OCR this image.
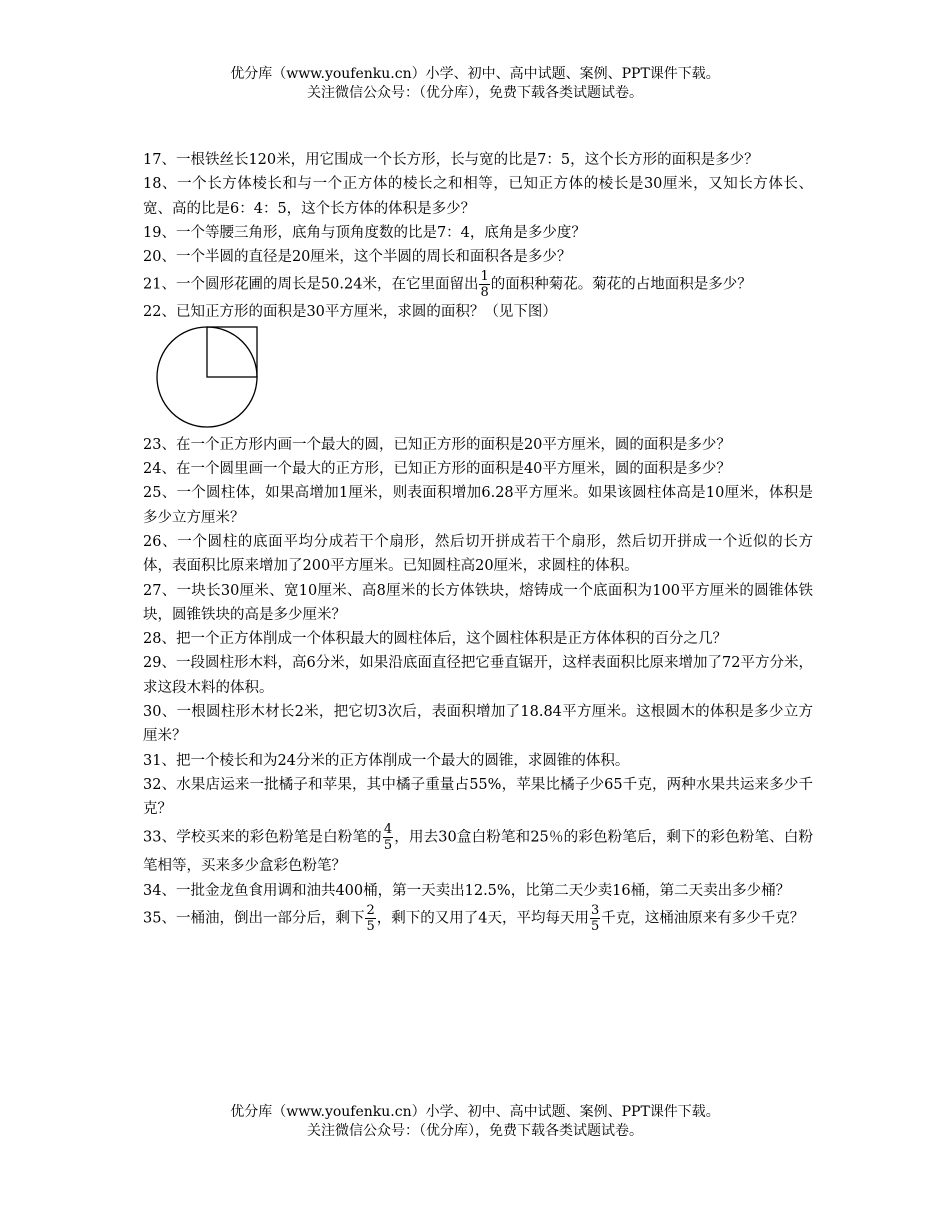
优分库（www.youfenku.cn）小学、初中、高中试题、案例、PPT课件下载。
关注微信公众号：（优分库），免费下载各类试题试卷。

17、一根铁丝长120米，用它围成一个长方形，长与宽的比是7：5，这个长方形的面积是多少？

18、一个长方体棱长和与一个正方体的棱长之和相等，已知正方体的棱长是30厘米，又知长方体长、宽、高的比是6：4：5，这个长方体的体积是多少？

19、一个等腰三角形，底角与顶角度数的比是7：4，底角是多少度？

20、一个半圆的直径是20厘米，这个半圆的周长和面积各是多少？

21、一个圆形花圃的周长是50.24米，在它里面留出 $\frac{1}{8}$ 的面积种菊花。菊花的占地面积是多少？

22、已知正方形的面积是30平方厘米，求圆的面积？（见下图）

23、在一个正方形内画一个最大的圆，已知正方形的面积是20平方厘米，圆的面积是多少？

24、在一个圆里画一个最大的正方形，已知正方形的面积是40平方厘米，圆的面积是多少？

25、一个圆柱体，如果高增加1厘米，则表面积增加6.28平方厘米。如果该圆柱体高是10厘米，体积是多少立方厘米？

26、一个圆柱的底面平均分成若干个扇形，然后切开拼成若干个扇形，然后切开拼成一个近似的长方体，表面积比原来增加了200平方厘米。已知圆柱高20厘米，求圆柱的体积。

27、一块长30厘米、宽10厘米、高8厘米的长方体铁块，熔铸成一个底面积为100平方厘米的圆锥体铁块，圆锥铁块的高是多少厘米？

28、把一个正方体削成一个体积最大的圆柱体后，这个圆柱体积是正方体体积的百分之几？

29、一段圆柱形木料，高6分米，如果沿底面直径把它垂直锯开，这样表面积比原来增加了72平方分米，求这段木料的体积。

30、一根圆柱形木材长2米，把它切3次后，表面积增加了18.84平方厘米。这根圆木的体积是多少立方厘米？

31、把一个棱长和为24分米的正方体削成一个最大的圆锥，求圆锥的体积。

32、水果店运来一批橘子和苹果，其中橘子重量占55%，苹果比橘子少65千克，两种水果共运来多少千克？

33、学校买来的彩色粉笔是白粉笔的 $\frac{4}{5}$ ，用去30盒白粉笔和25％的彩色粉笔后，剩下的彩色粉笔、白粉笔相等，买来多少盒彩色粉笔？

34、一批金龙鱼食用调和油共400桶，第一天卖出12.5%，比第二天少卖16桶，第二天卖出多少桶？

35、一桶油，倒出一部分后，剩下 $\frac{2}{5}$ ，剩下的又用了4天，平均每天用 $\frac{3}{5}$ 千克，这桶油原来有多少千克？

优分库（www.youfenku.cn）小学、初中、高中试题、案例、PPT课件下载。
关注微信公众号：（优分库），免费下载各类试题试卷。
